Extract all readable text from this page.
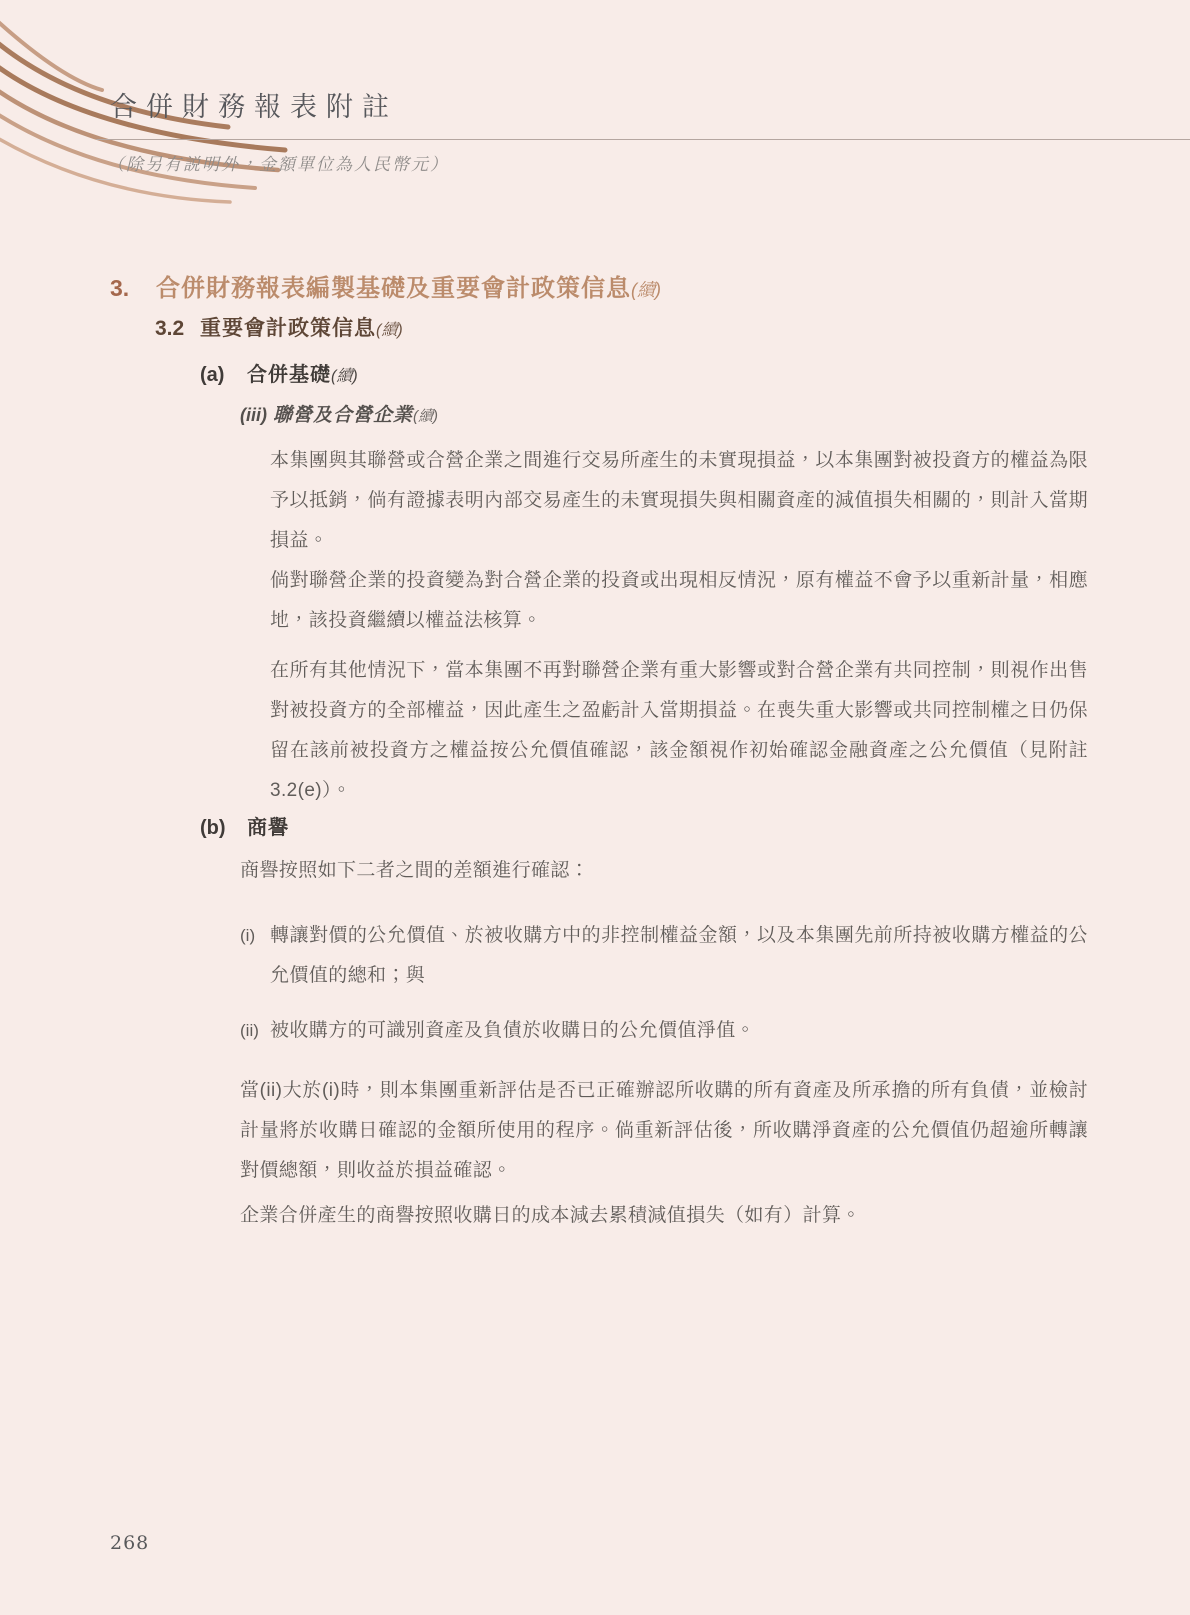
合併財務報表附註
（除另有説明外，金額單位為人民幣元）
3.	合併財務報表編製基礎及重要會計政策信息 (續)
3.2 重要會計政策信息 (續)
(a)	合併基礎 (續)
(iii) 聯營及合營企業 (續)
本集團與其聯營或合營企業之間進行交易所產生的未實現損益，以本集團對被投資方的權益為限予以抵銷，倘有證據表明內部交易產生的未實現損失與相關資產的減值損失相關的，則計入當期損益。
倘對聯營企業的投資變為對合營企業的投資或出現相反情況，原有權益不會予以重新計量，相應地，該投資繼續以權益法核算。
在所有其他情況下，當本集團不再對聯營企業有重大影響或對合營企業有共同控制，則視作出售對被投資方的全部權益，因此產生之盈虧計入當期損益。在喪失重大影響或共同控制權之日仍保留在該前被投資方之權益按公允價值確認，該金額視作初始確認金融資產之公允價值（見附註3.2(e)）。
(b)	商譽
商譽按照如下二者之間的差額進行確認：
(i) 轉讓對價的公允價值、於被收購方中的非控制權益金額，以及本集團先前所持被收購方權益的公允價值的總和；與
(ii) 被收購方的可識別資產及負債於收購日的公允價值淨值。
當(ii)大於(i)時，則本集團重新評估是否已正確辦認所收購的所有資產及所承擔的所有負債，並檢討計量將於收購日確認的金額所使用的程序。倘重新評估後，所收購淨資產的公允價值仍超逾所轉讓對價總額，則收益於損益確認。
企業合併產生的商譽按照收購日的成本減去累積減值損失（如有）計算。
268
